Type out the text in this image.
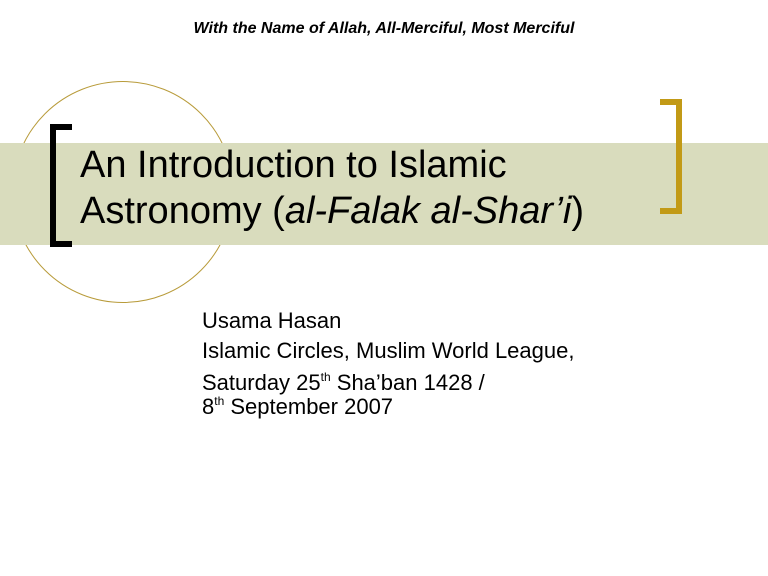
With the Name of Allah, All-Merciful, Most Merciful
An Introduction to Islamic
Astronomy (al-Falak al-Shar’i)
Usama Hasan
Islamic Circles, Muslim World League,
Saturday 25th Sha’ban 1428 /
8th September 2007
